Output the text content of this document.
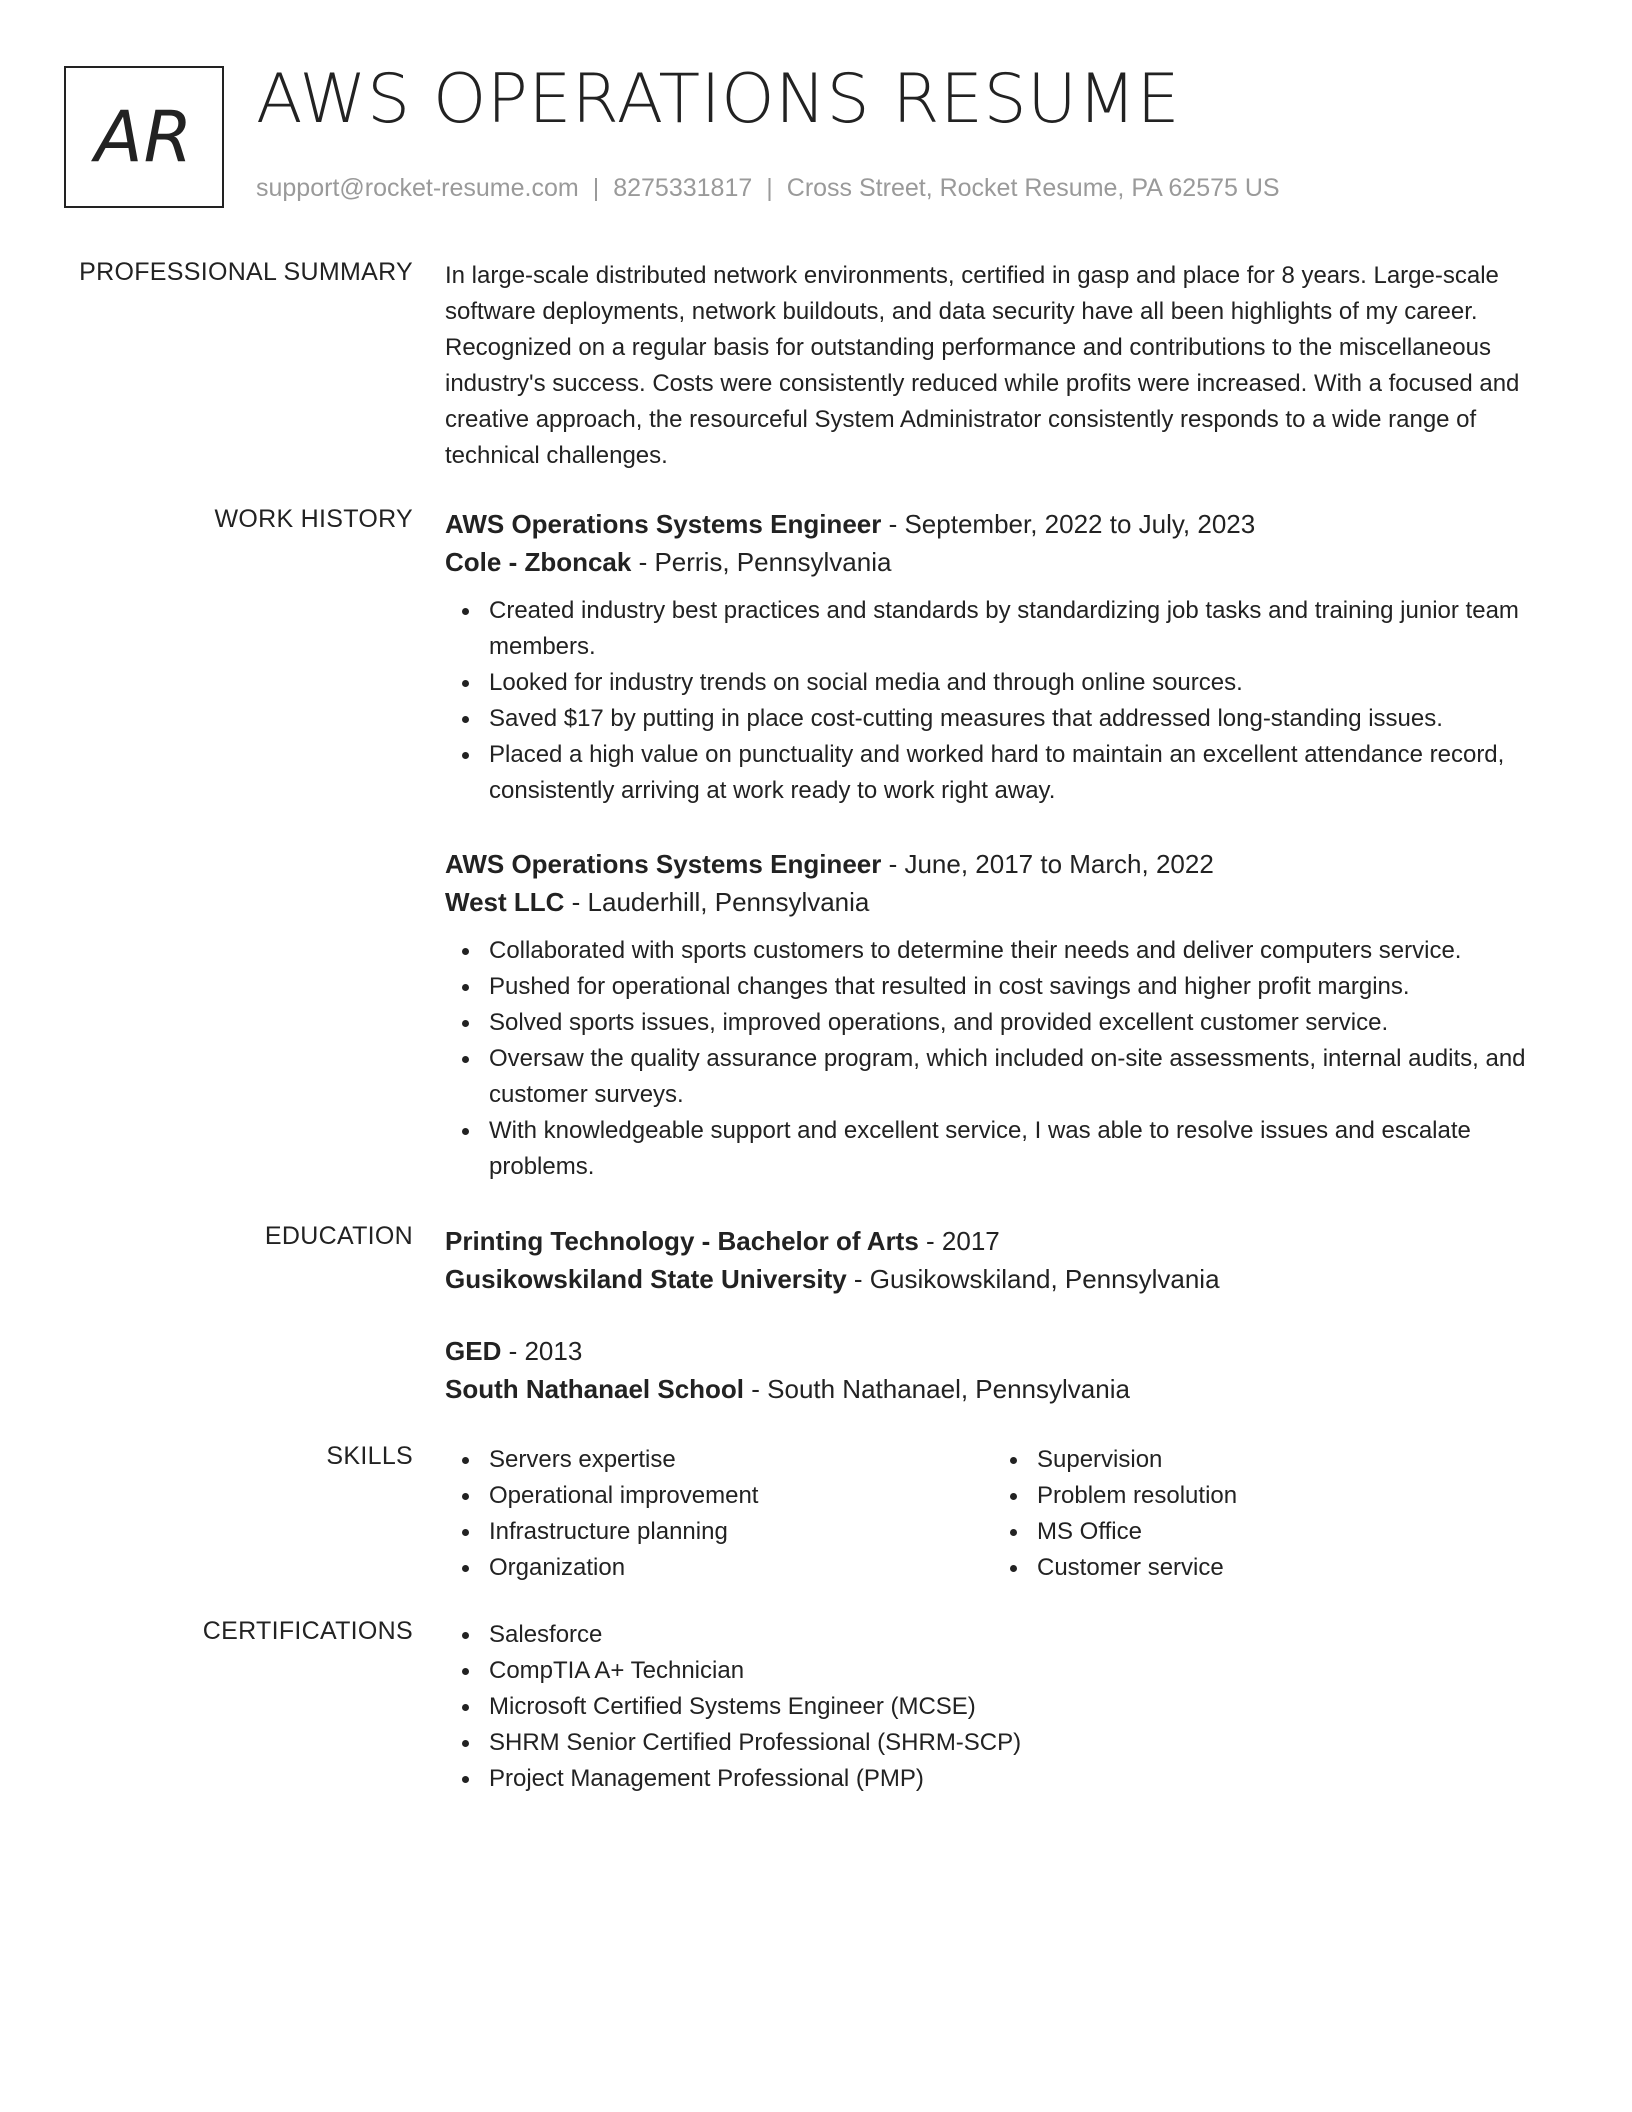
AR AWS OPERATIONS RESUME
support@rocket-resume.com | 8275331817 | Cross Street, Rocket Resume, PA 62575 US
PROFESSIONAL SUMMARY In large-scale distributed network environments, certified in gasp and place for 8 years. Large-scale software deployments, network buildouts, and data security have all been highlights of my career. Recognized on a regular basis for outstanding performance and contributions to the miscellaneous industry's success. Costs were consistently reduced while profits were increased. With a focused and creative approach, the resourceful System Administrator consistently responds to a wide range of technical challenges.

WORK HISTORY AWS Operations Systems Engineer - September, 2022 to July, 2023
Cole - Zboncak - Perris, Pennsylvania
Created industry best practices and standards by standardizing job tasks and training junior team members.
Looked for industry trends on social media and through online sources.
Saved $17 by putting in place cost-cutting measures that addressed long-standing issues.
Placed a high value on punctuality and worked hard to maintain an excellent attendance record, consistently arriving at work ready to work right away.
AWS Operations Systems Engineer - June, 2017 to March, 2022
West LLC - Lauderhill, Pennsylvania
Collaborated with sports customers to determine their needs and deliver computers service.
Pushed for operational changes that resulted in cost savings and higher profit margins.
Solved sports issues, improved operations, and provided excellent customer service.
Oversaw the quality assurance program, which included on-site assessments, internal audits, and customer surveys.
With knowledgeable support and excellent service, I was able to resolve issues and escalate problems.
EDUCATION Printing Technology - Bachelor of Arts - 2017
Gusikowskiland State University - Gusikowskiland, Pennsylvania
GED - 2013
South Nathanael School - South Nathanael, Pennsylvania
SKILLS	Servers expertise
Operational improvement
Infrastructure planning
Organization
Supervision
Problem resolution
MS Office
Customer service
CERTIFICATIONS	Salesforce
CompTIA A+ Technician
Microsoft Certified Systems Engineer (MCSE)
SHRM Senior Certified Professional (SHRM-SCP)
Project Management Professional (PMP)
